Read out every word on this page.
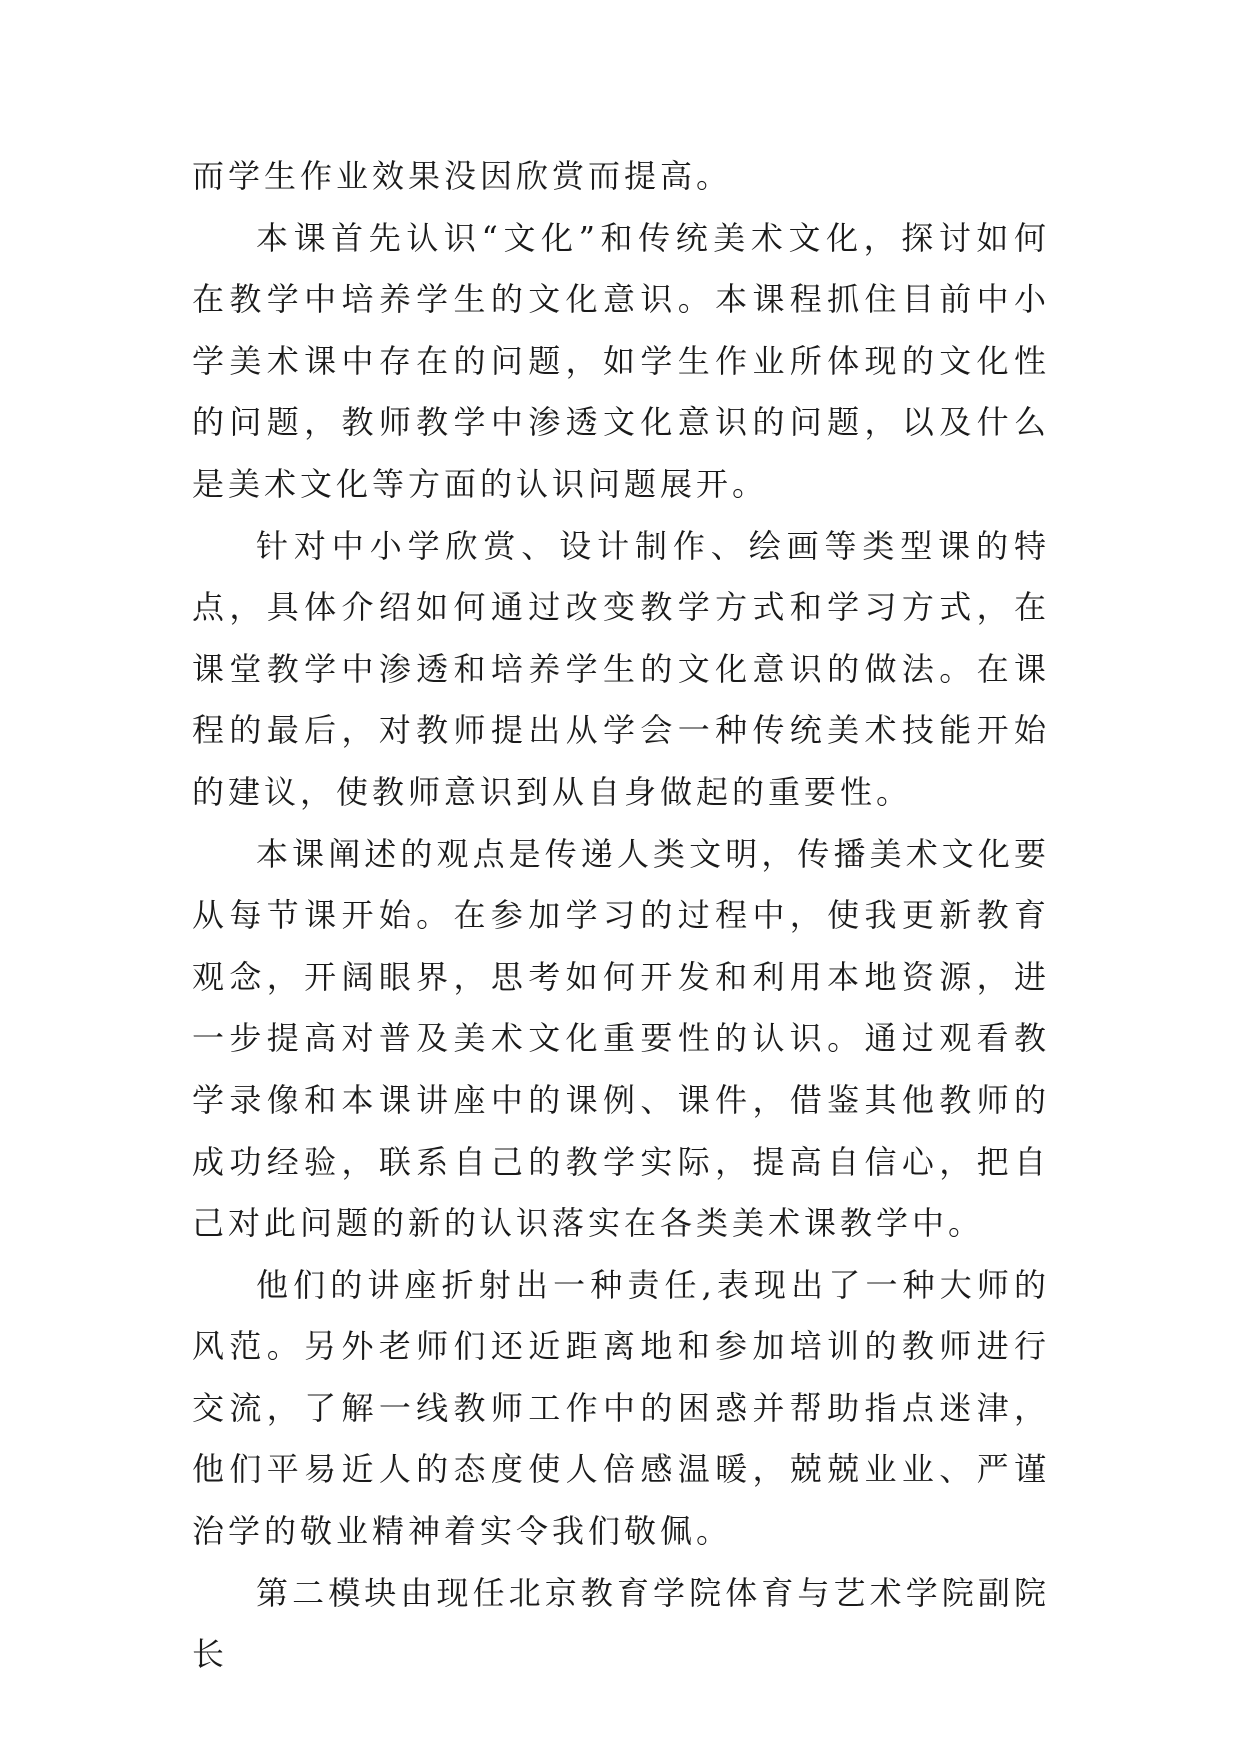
而学生作业效果没因欣赏而提高。

本课首先认识“文化”和传统美术文化，探讨如何在教学中培养学生的文化意识。本课程抓住目前中小学美术课中存在的问题，如学生作业所体现的文化性的问题，教师教学中渗透文化意识的问题，以及什么是美术文化等方面的认识问题展开。

针对中小学欣赏、设计制作、绘画等类型课的特点，具体介绍如何通过改变教学方式和学习方式，在课堂教学中渗透和培养学生的文化意识的做法。在课程的最后，对教师提出从学会一种传统美术技能开始的建议，使教师意识到从自身做起的重要性。

本课阐述的观点是传递人类文明，传播美术文化要从每节课开始。在参加学习的过程中，使我更新教育观念，开阔眼界，思考如何开发和利用本地资源，进一步提高对普及美术文化重要性的认识。通过观看教学录像和本课讲座中的课例、课件，借鉴其他教师的成功经验，联系自己的教学实际，提高自信心，把自己对此问题的新的认识落实在各类美术课教学中。

他们的讲座折射出一种责任,表现出了一种大师的风范。另外老师们还近距离地和参加培训的教师进行交流，了解一线教师工作中的困惑并帮助指点迷津，他们平易近人的态度使人倍感温暖，兢兢业业、严谨治学的敬业精神着实令我们敬佩。

第二模块由现任北京教育学院体育与艺术学院副院长
